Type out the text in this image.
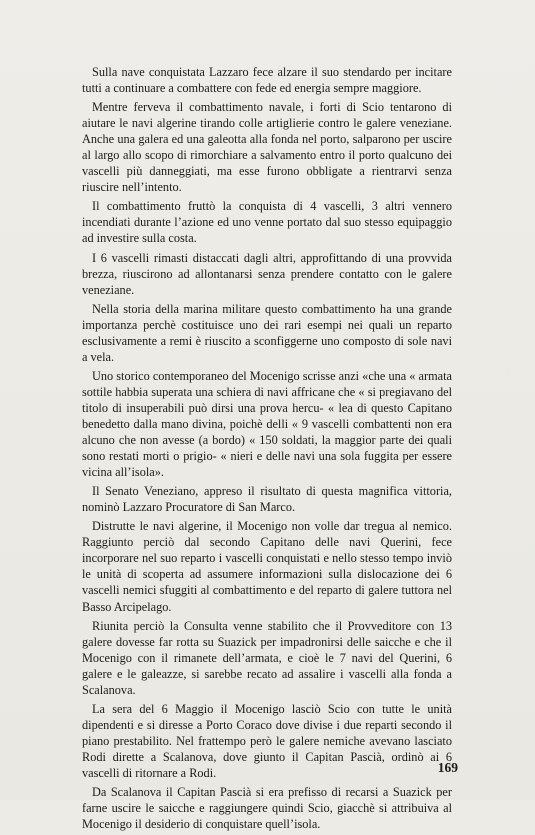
Sulla nave conquistata Lazzaro fece alzare il suo stendardo per incitare tutti a continuare a combattere con fede ed energia sempre maggiore.

Mentre ferveva il combattimento navale, i forti di Scio tentarono di aiutare le navi algerine tirando colle artiglierie contro le galere veneziane. Anche una galera ed una galeotta alla fonda nel porto, salparono per uscire al largo allo scopo di rimorchiare a salvamento entro il porto qualcuno dei vascelli più danneggiati, ma esse furono obbligate a rientrarvi senza riuscire nell’intento.

Il combattimento fruttò la conquista di 4 vascelli, 3 altri vennero incendiati durante l’azione ed uno venne portato dal suo stesso equipaggio ad investire sulla costa.

I 6 vascelli rimasti distaccati dagli altri, approfittando di una provvida brezza, riuscirono ad allontanarsi senza prendere contatto con le galere veneziane.

Nella storia della marina militare questo combattimento ha una grande importanza perchè costituisce uno dei rari esempi nei quali un reparto esclusivamente a remi è riuscito a sconfiggerne uno composto di sole navi a vela.

Uno storico contemporaneo del Mocenigo scrisse anzi «che una « armata sottile habbia superata una schiera di navi affricane che « si pregiavano del titolo di insuperabili può dirsi una prova hercu- « lea di questo Capitano benedetto dalla mano divina, poichè delli « 9 vascelli combattenti non era alcuno che non avesse (a bordo) « 150 soldati, la maggior parte dei quali sono restati morti o prigio- « nieri e delle navi una sola fuggita per essere vicina all’isola».

Il Senato Veneziano, appreso il risultato di questa magnifica vittoria, nominò Lazzaro Procuratore di San Marco.

Distrutte le navi algerine, il Mocenigo non volle dar tregua al nemico. Raggiunto perciò dal secondo Capitano delle navi Querini, fece incorporare nel suo reparto i vascelli conquistati e nello stesso tempo inviò le unità di scoperta ad assumere informazioni sulla dislocazione dei 6 vascelli nemici sfuggiti al combattimento e del reparto di galere tuttora nel Basso Arcipelago.

Riunita perciò la Consulta venne stabilito che il Provveditore con 13 galere dovesse far rotta su Suazick per impadronirsi delle saicche e che il Mocenigo con il rimanete dell’armata, e cioè le 7 navi del Querini, 6 galere e le galeazze, si sarebbe recato ad assalire i vascelli alla fonda a Scalanova.

La sera del 6 Maggio il Mocenigo lasciò Scio con tutte le unità dipendenti e si diresse a Porto Coraco dove divise i due reparti secondo il piano prestabilito. Nel frattempo però le galere nemiche avevano lasciato Rodi dirette a Scalanova, dove giunto il Capitan Pascià, ordinò ai 6 vascelli di ritornare a Rodi.

Da Scalanova il Capitan Pascià si era prefisso di recarsi a Suazick per farne uscire le saicche e raggiungere quindi Scio, giacchè si attribuiva al Mocenigo il desiderio di conquistare quell’isola.

169
